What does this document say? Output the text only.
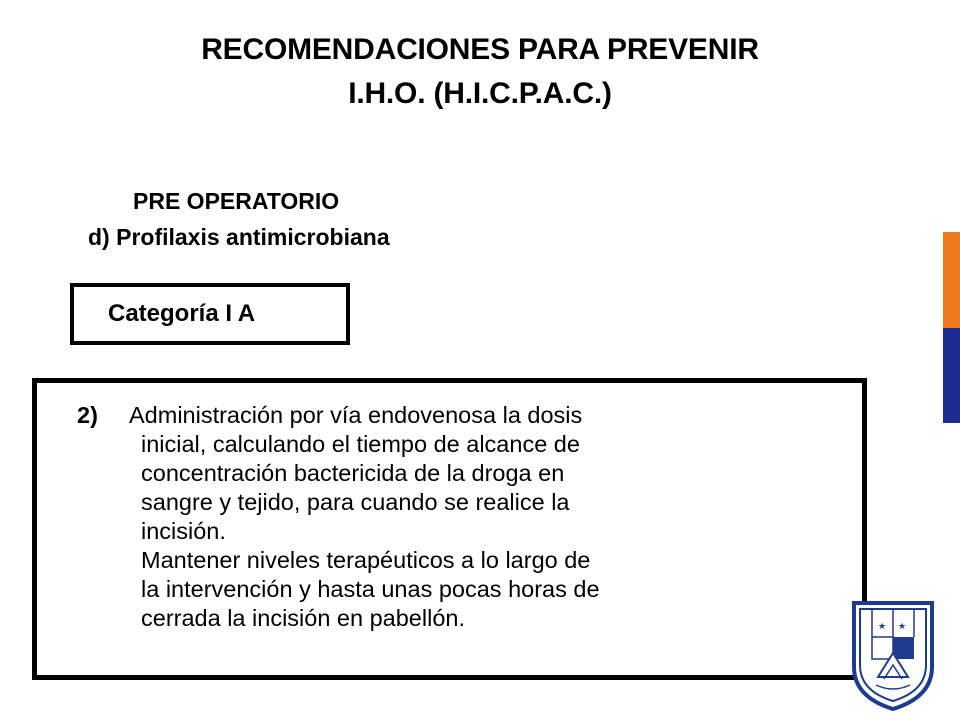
RECOMENDACIONES PARA PREVENIR
I.H.O. (H.I.C.P.A.C.)
PRE OPERATORIO
d) Profilaxis antimicrobiana
Categoría I A
2) Administración por vía endovenosa la dosis
inicial, calculando el tiempo de alcance de
concentración bactericida de la droga en
sangre y tejido, para cuando se realice la
incisión.
Mantener niveles terapéuticos a lo largo de
la intervención y hasta unas pocas horas de
cerrada la incisión en pabellón.	★ ★
